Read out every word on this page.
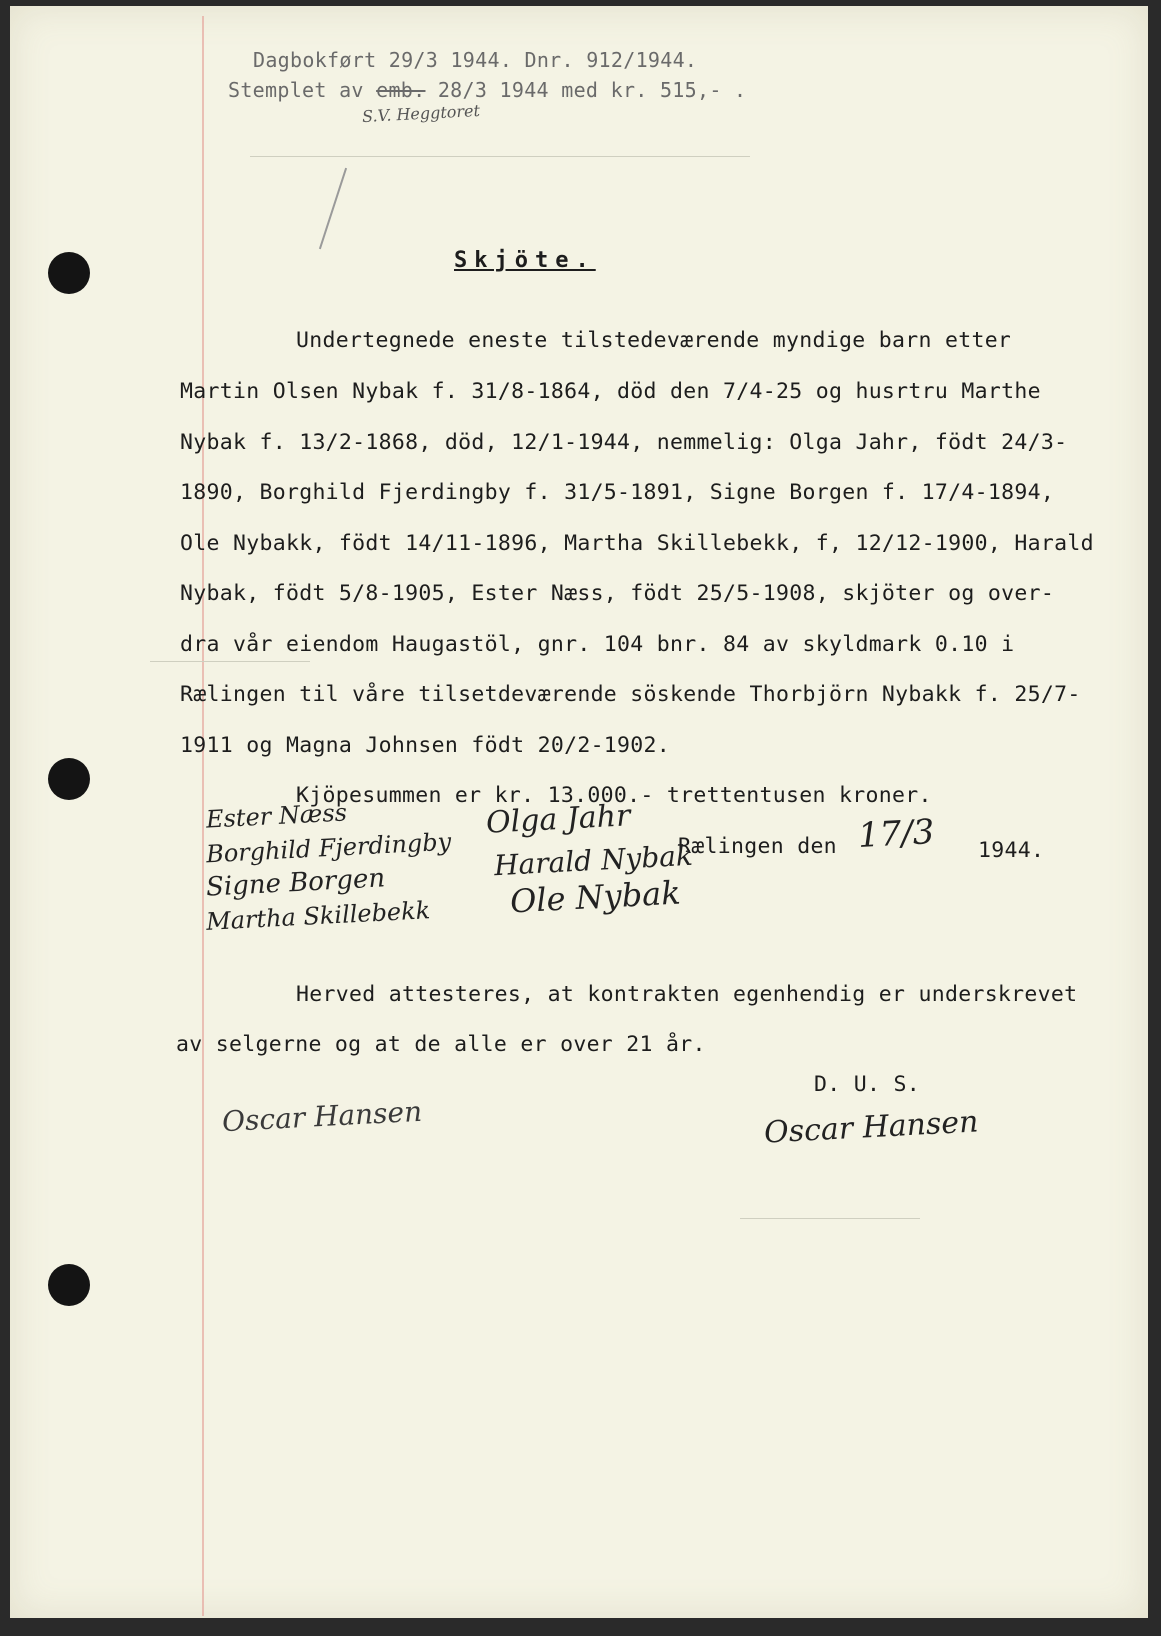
Dagbokført 29/3 1944. Dnr. 912/1944.
Stemplet av emb. 28/3 1944 med kr. 515,- .
S.V. Heggtoret
Skjöte.
Undertegnede eneste tilstedeværende myndige barn etter
Martin Olsen Nybak f. 31/8-1864, död den 7/4-25 og husrtru Marthe
Nybak f. 13/2-1868, död, 12/1-1944, nemmelig: Olga Jahr, födt 24/3-
1890, Borghild Fjerdingby f. 31/5-1891, Signe Borgen f. 17/4-1894,
Ole Nybakk, födt 14/11-1896, Martha Skillebekk, f, 12/12-1900, Harald
Nybak, födt 5/8-1905, Ester Næss, födt 25/5-1908, skjöter og over-
dra vår eiendom Haugastöl, gnr. 104 bnr. 84 av skyldmark 0.10 i
Rælingen til våre tilsetdeværende söskende Thorbjörn Nybakk f. 25/7-
1911 og Magna Johnsen födt 20/2-1902.
Kjöpesummen er kr. 13.000.- trettentusen kroner.
Rælingen den 17/3 1944.
Ester Næss
Borghild Fjerdingby
Signe Borgen
Martha Skillebekk
Olga Jahr
Harald Nybak
Ole Nybak
Herved attesteres, at kontrakten egenhendig er underskrevet
av selgerne og at de alle er over 21 år.
D. U. S.
Oscar Hansen	Oscar Hansen
